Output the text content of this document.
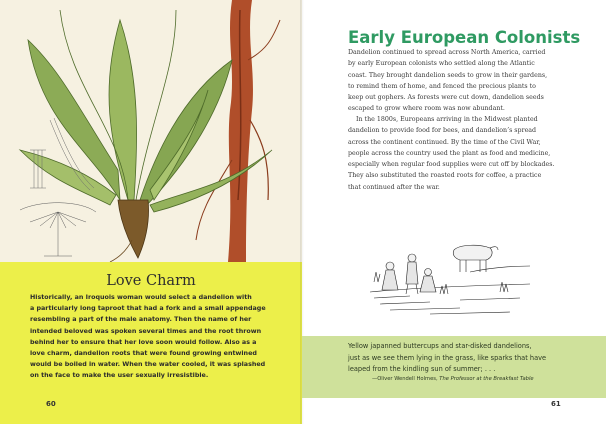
Love Charm
Historically, an Iroquois woman would select a dandelion with
a particularly long taproot that had a fork and a small appendage
resembling a part of the male anatomy. Then the name of her
intended beloved was spoken several times and the root thrown
behind her to ensure that her love soon would follow. Also as a
love charm, dandelion roots that were found growing entwined
would be boiled in water. When the water cooled, it was splashed
on the face to make the user sexually irresistible.
60
Early European Colonists
Dandelion continued to spread across North America, carried
by early European colonists who settled along the Atlantic
coast. They brought dandelion seeds to grow in their gardens,
to remind them of home, and fenced the precious plants to
keep out gophers. As forests were cut down, dandelion seeds
escaped to grow where room was now abundant.
In the 1800s, Europeans arriving in the Midwest planted
dandelion to provide food for bees, and dandelion’s spread
across the continent continued. By the time of the Civil War,
people across the country used the plant as food and medicine,
especially when regular food supplies were cut off by blockades.
They also substituted the roasted roots for coffee, a practice
that continued after the war.
Yellow japanned buttercups and star-disked dandelions,
just as we see them lying in the grass, like sparks that have
leaped from the kindling sun of summer; . . .
—Oliver Wendell Holmes, The Professor at the Breakfast Table
61
